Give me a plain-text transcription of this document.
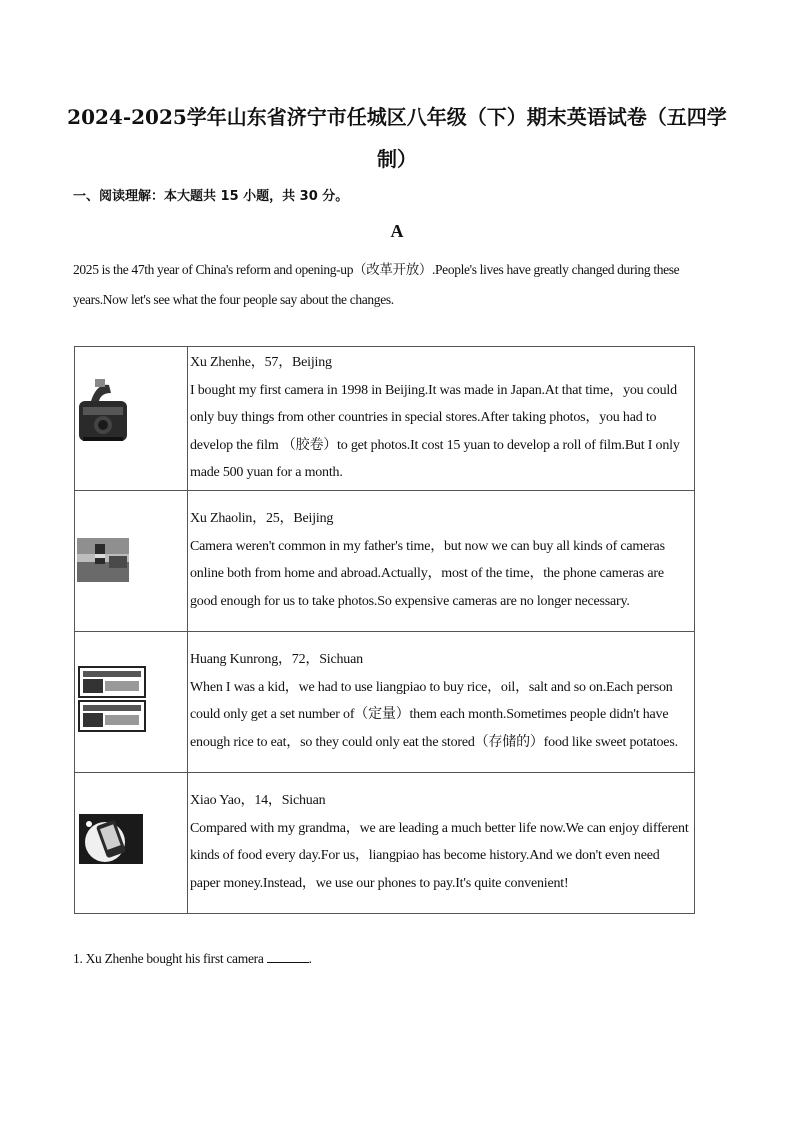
2024-2025学年山东省济宁市任城区八年级（下）期末英语试卷（五四学制）
一、阅读理解：本大题共 15 小题，共 30 分。
A
2025 is the 47th year of China's reform and opening-up（改革开放）.People's lives have greatly changed during these years.Now let's see what the four people say about the changes.

Xu Zhenhe，57，Beijing
I bought my first camera in 1998 in Beijing.It was made in Japan.At that time，you could only buy things from other countries in special stores.After taking photos，you had to develop the film （胶卷）to get photos.It cost 15 yuan to develop a roll of film.But I only made 500 yuan for a month.

Xu Zhaolin，25，Beijing
Camera weren't common in my father's time，but now we can buy all kinds of cameras online both from home and abroad.Actually，most of the time，the phone cameras are good enough for us to take photos.So expensive cameras are no longer necessary.

Huang Kunrong，72，Sichuan
When I was a kid，we had to use liangpiao to buy rice，oil，salt and so on.Each person could only get a set number of（定量）them each month.Sometimes people didn't have enough rice to eat，so they could only eat the stored（存储的）food like sweet potatoes.

Xiao Yao，14，Sichuan
Compared with my grandma，we are leading a much better life now.We can enjoy different kinds of food every day.For us，liangpiao has become history.And we don't even need paper money.Instead，we use our phones to pay.It's quite convenient!
1. Xu Zhenhe bought his first camera	.
